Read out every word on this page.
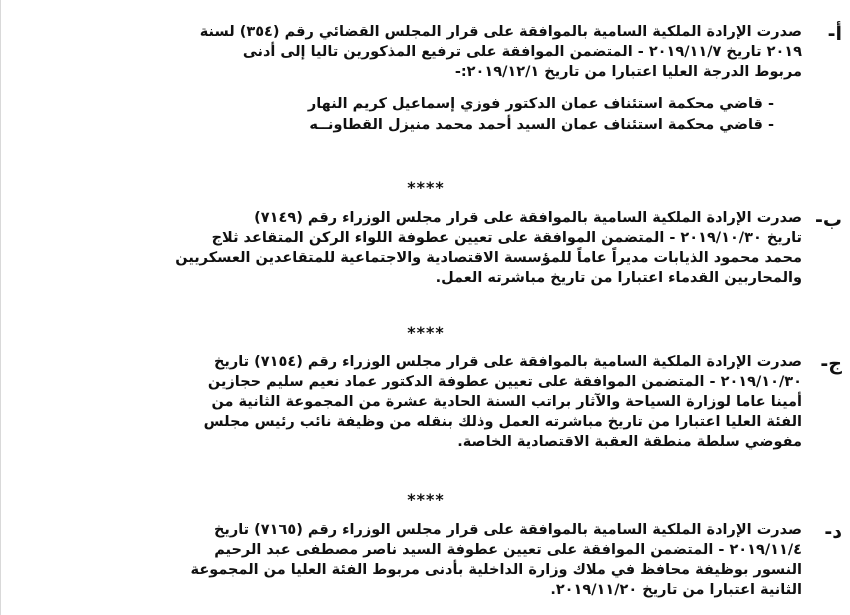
أ-

صدرت الإرادة الملكية السامية بالموافقة على قرار المجلس القضائي رقم (٣٥٤) لسنة
٢٠١٩ تاريخ ٢٠١٩/١١/٧ - المتضمن الموافقة على ترفيع المذكورين تاليا إلى أدنى
مربوط الدرجة العليا اعتبارا من تاريخ ٢٠١٩/١٢/١:-

- قاضي محكمة استئناف عمان الدكتور فوزي إسماعيل كريم النهار
- قاضي محكمة استئناف عمان السيد أحمد محمد منيزل القطاونــه
****
ب-

صدرت الإرادة الملكية السامية بالموافقة على قرار مجلس الوزراء رقم (٧١٤٩)
تاريخ ٢٠١٩/١٠/٣٠ - المتضمن الموافقة على تعيين عطوفة اللواء الركن المتقاعد ثلاج
محمد محمود الذيابات مديراً عاماً للمؤسسة الاقتصادية والاجتماعية للمتقاعدين العسكريين
والمحاربين القدماء اعتبارا من تاريخ مباشرته العمل.

****
ج-

صدرت الإرادة الملكية السامية بالموافقة على قرار مجلس الوزراء رقم (٧١٥٤) تاريخ
٢٠١٩/١٠/٣٠ - المتضمن الموافقة على تعيين عطوفة الدكتور عماد نعيم سليم حجازين
أمينا عاما لوزارة السياحة والآثار براتب السنة الحادية عشرة من المجموعة الثانية من
الفئة العليا اعتبارا من تاريخ مباشرته العمل وذلك بنقله من وظيفة نائب رئيس مجلس
مفوضي سلطة منطقة العقبة الاقتصادية الخاصة.

****
د-

صدرت الإرادة الملكية السامية بالموافقة على قرار مجلس الوزراء رقم (٧١٦٥) تاريخ
٢٠١٩/١١/٤ - المتضمن الموافقة على تعيين عطوفة السيد ناصر مصطفى عبد الرحيم
النسور بوظيفة محافظ في ملاك وزارة الداخلية بأدنى مربوط الفئة العليا من المجموعة
الثانية اعتبارا من تاريخ ٢٠١٩/١١/٢٠.
